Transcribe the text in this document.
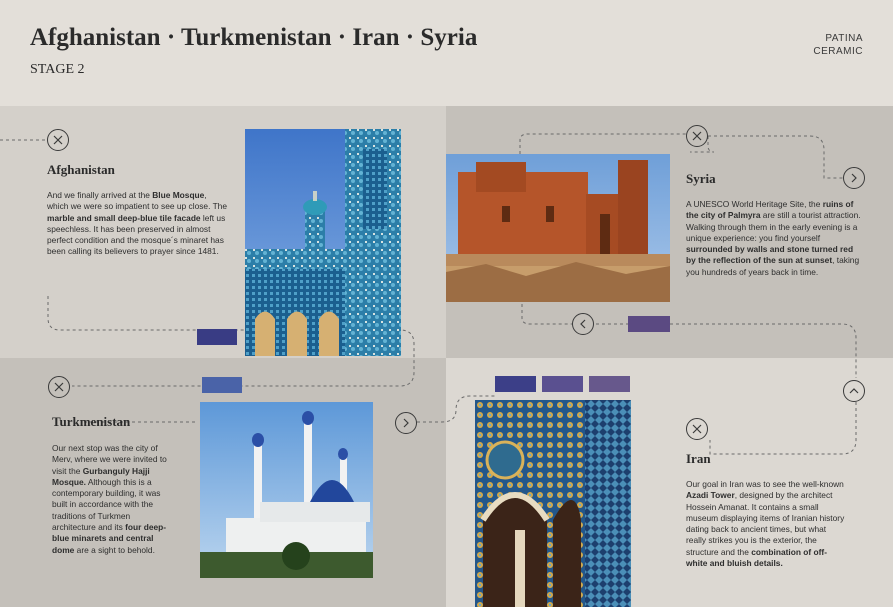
Afghanistan · Turkmenistan · Iran · Syria
STAGE 2
PATINA
CERAMIC
Afghanistan
And we finally arrived at the Blue Mosque, which we were so impatient to see up close. The marble and small deep-blue tile facade left us speechless. It has been preserved in almost perfect condition and the mosque´s minaret has been calling its believers to prayer since 1481.
Syria
A UNESCO World Heritage Site, the ruins of the city of Palmyra are still a tourist attraction. Walking through them in the early evening is a unique experience: you find yourself surrounded by walls and stone turned red by the reflection of the sun at sunset, taking you hundreds of years back in time.
Turkmenistan
Our next stop was the city of Merv, where we were invited to visit the Gurbanguly Hajji Mosque. Although this is a contemporary building, it was built in accordance with the traditions of Turkmen architecture and its four deep-blue minarets and central dome are a sight to behold.
Iran
Our goal in Iran was to see the well-known Azadi Tower, designed by the architect Hossein Amanat. It contains a small museum displaying items of Iranian history dating back to ancient times, but what really strikes you is the exterior, the structure and the combination of off-white and bluish details.
